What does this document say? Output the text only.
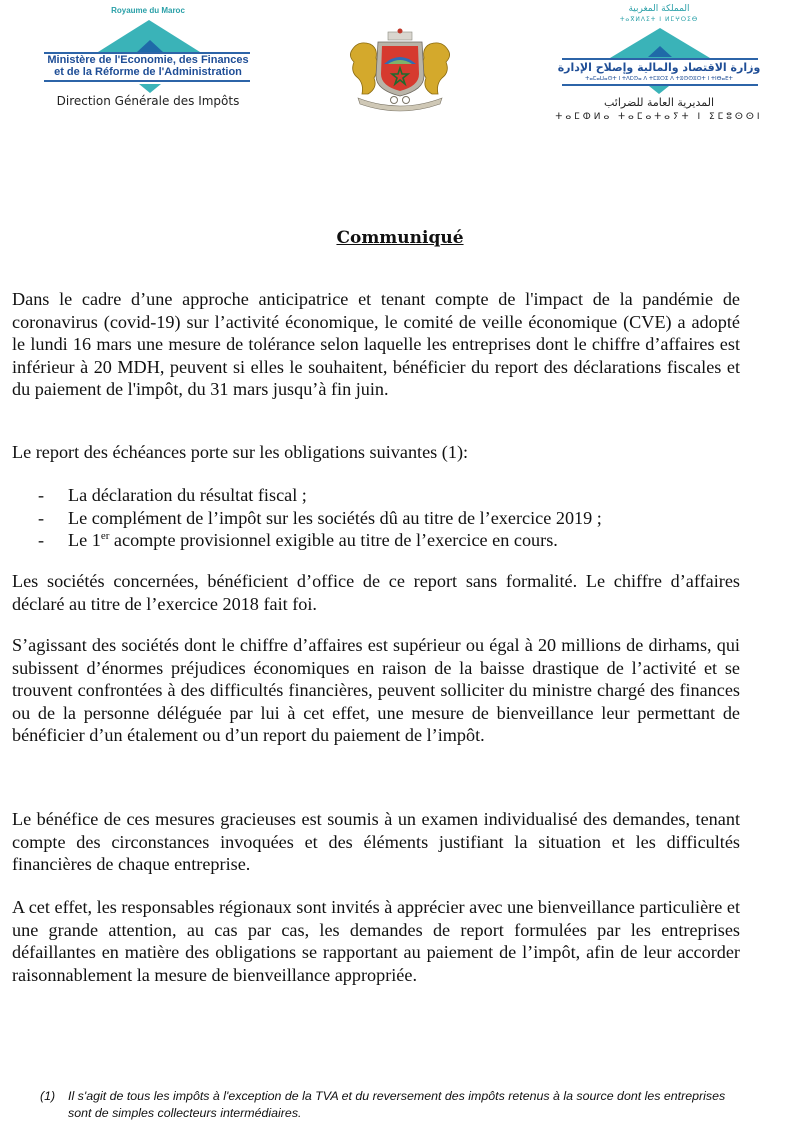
Royaume du Maroc
Ministère de l'Economie, des Finances
et de la Réforme de l'Administration
Direction Générale des Impôts
المملكة المغربية
ⵜⴰⴳⵍⴷⵉⵜ ⵏ ⵍⵎⵖⵔⵉⴱ
وزارة الاقتصاد والمالية وإصلاح الإدارة
ⵜⴰⵎⴰⵡⴰⵙⵜ ⵏ ⵜⴷⵎⵙⴰ ⴷ ⵜⵎⵓⵔⵉ ⴷ ⵜⵓⵙⵙⵓⵔⵜ ⵏ ⵜⵏⴱⴰⴹⵜ
المديرية العامة للضرائب
ⵜⴰⵎⵀⵍⴰ ⵜⴰⵎⴰⵜⴰⵢⵜ ⵏ ⵉⵎⵓⵙⵙⵏ
Communiqué

Dans le cadre d’une approche anticipatrice et tenant compte de l'impact de la pandémie de coronavirus (covid-19) sur l’activité économique, le comité de veille économique (CVE) a adopté le lundi 16 mars une mesure de tolérance selon laquelle les entreprises dont le chiffre d’affaires est inférieur à 20 MDH, peuvent si elles le souhaitent, bénéficier du report des déclarations fiscales et du paiement de l'impôt, du 31 mars jusqu’à fin juin.

Le report des échéances porte sur les obligations suivantes (1):

-	La déclaration du résultat fiscal ;
-	Le complément de l’impôt sur les sociétés dû au titre de l’exercice 2019 ;
-	Le 1er acompte provisionnel exigible au titre de l’exercice en cours.

Les sociétés concernées, bénéficient d’office de ce report sans formalité. Le chiffre d’affaires déclaré au titre de l’exercice 2018 fait foi.

S’agissant des sociétés dont le chiffre d’affaires est supérieur ou égal à 20 millions de dirhams, qui subissent d’énormes préjudices économiques en raison de la baisse drastique de l’activité et se trouvent confrontées à des difficultés financières, peuvent solliciter du ministre chargé des finances ou de la personne déléguée par lui à cet effet, une mesure de bienveillance leur permettant de bénéficier d’un étalement ou d’un report du paiement de l’impôt.

Le bénéfice de ces mesures gracieuses est soumis à un examen individualisé des demandes, tenant compte des circonstances invoquées et des éléments justifiant la situation et les difficultés financières de chaque entreprise.

A cet effet, les responsables régionaux sont invités à apprécier avec une bienveillance particulière et une grande attention, au cas par cas, les demandes de report formulées par les entreprises défaillantes en matière des obligations se rapportant au paiement de l’impôt, afin de leur accorder raisonnablement la mesure de bienveillance appropriée.

(1)	Il s'agit de tous les impôts à l'exception de la TVA et du reversement des impôts retenus à la source dont les entreprises sont de simples collecteurs intermédiaires.
